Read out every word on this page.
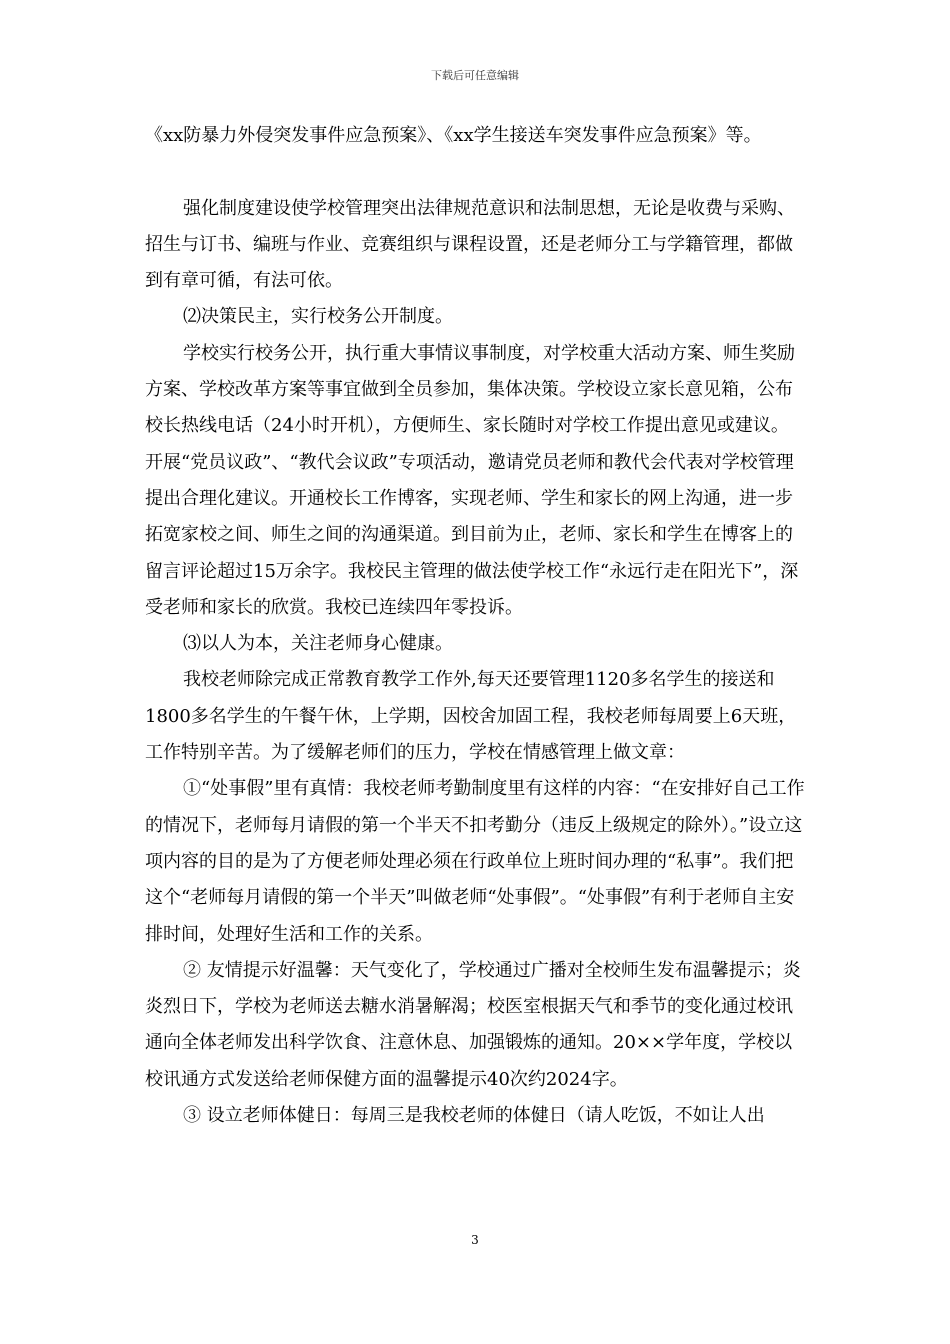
下载后可任意编辑

《xx防暴力外侵突发事件应急预案》、《xx学生接送车突发事件应急预案》等。

强化制度建设使学校管理突出法律规范意识和法制思想，无论是收费与采购、招生与订书、编班与作业、竞赛组织与课程设置，还是老师分工与学籍管理，都做到有章可循，有法可依。

⑵决策民主，实行校务公开制度。

学校实行校务公开，执行重大事情议事制度，对学校重大活动方案、师生奖励方案、学校改革方案等事宜做到全员参加，集体决策。学校设立家长意见箱，公布校长热线电话（24小时开机），方便师生、家长随时对学校工作提出意见或建议。开展“党员议政”、“教代会议政”专项活动，邀请党员老师和教代会代表对学校管理提出合理化建议。开通校长工作博客，实现老师、学生和家长的网上沟通，进一步拓宽家校之间、师生之间的沟通渠道。到目前为止，老师、家长和学生在博客上的留言评论超过15万余字。我校民主管理的做法使学校工作“永远行走在阳光下”，深受老师和家长的欣赏。我校已连续四年零投诉。

⑶以人为本，关注老师身心健康。

我校老师除完成正常教育教学工作外,每天还要管理1120多名学生的接送和1800多名学生的午餐午休，上学期，因校舍加固工程，我校老师每周要上6天班，工作特别辛苦。为了缓解老师们的压力，学校在情感管理上做文章：

①“处事假”里有真情：我校老师考勤制度里有这样的内容：“在安排好自己工作的情况下，老师每月请假的第一个半天不扣考勤分（违反上级规定的除外）。”设立这项内容的目的是为了方便老师处理必须在行政单位上班时间办理的“私事”。我们把这个“老师每月请假的第一个半天”叫做老师“处事假”。“处事假”有利于老师自主安排时间，处理好生活和工作的关系。

② 友情提示好温馨：天气变化了，学校通过广播对全校师生发布温馨提示；炎炎烈日下，学校为老师送去糖水消暑解渴；校医室根据天气和季节的变化通过校讯通向全体老师发出科学饮食、注意休息、加强锻炼的通知。20××学年度，学校以校讯通方式发送给老师保健方面的温馨提示40次约2024字。

③ 设立老师体健日：每周三是我校老师的体健日（请人吃饭，不如让人出

3
